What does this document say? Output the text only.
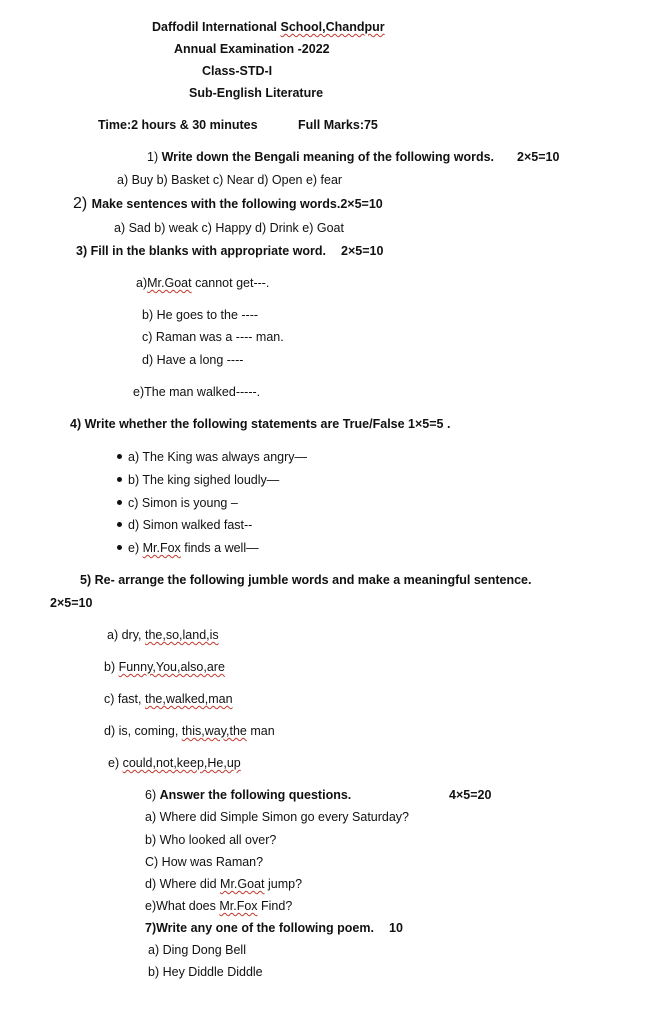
Daffodil International School,Chandpur
Annual Examination -2022
Class-STD-I
Sub-English Literature
Time:2 hours & 30 minutes	Full Marks:75
1) Write down the Bengali meaning of the following words. 2×5=10
a) Buy b) Basket c) Near d) Open e) fear
2) Make sentences with the following words.2×5=10
a) Sad b) weak c) Happy d) Drink e) Goat
3) Fill in the blanks with appropriate word. 2×5=10
a)Mr.Goat cannot get---.
b) He goes to the ----
c) Raman was a ---- man.
d) Have a long ----
e)The man walked-----.
4) Write whether the following statements are True/False 1×5=5 .
a) The King was always angry—
b) The king sighed loudly—
c) Simon is young –
d) Simon walked fast--
e) Mr.Fox finds a well—
5) Re- arrange the following jumble words and make a meaningful sentence.
2×5=10
a) dry, the,so,land,is
b) Funny,You,also,are
c) fast, the,walked,man
d) is, coming, this,way,the man
e) could,not,keep,He,up
6) Answer the following questions.	4×5=20
a) Where did Simple Simon go every Saturday?
b) Who looked all over?
C) How was Raman?
d) Where did Mr.Goat jump?
e)What does Mr.Fox Find?
7)Write any one of the following poem. 10
a) Ding Dong Bell
b) Hey Diddle Diddle
